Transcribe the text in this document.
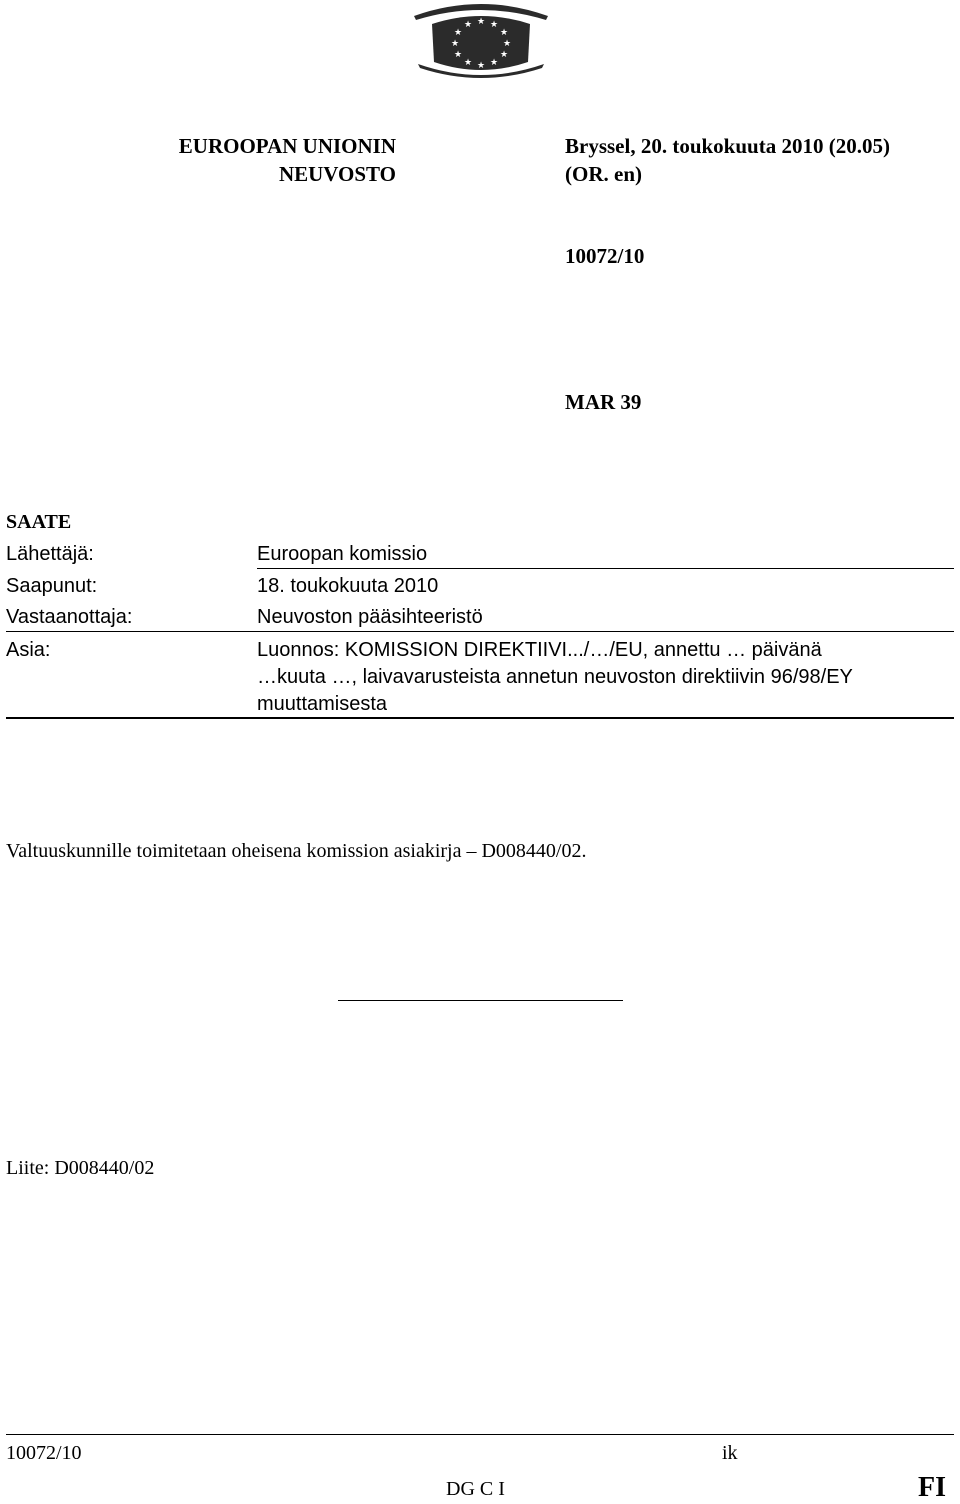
★ ★
★
★
★
★
★
★
★
★
★
★
EUROOPAN UNIONIN
NEUVOSTO
Bryssel, 20. toukokuuta 2010 (20.05)
(OR. en)
10072/10
MAR 39
SAATE
Lähettäjä:	Euroopan komissio
Saapunut:	18. toukokuuta 2010
Vastaanottaja:	Neuvoston pääsihteeristö
Asia:	Luonnos: KOMISSION DIREKTIIVI.../…/EU, annettu … päivänä
…kuuta …, laivavarusteista annetun neuvoston direktiivin 96/98/EY
muuttamisesta
Valtuuskunnille toimitetaan oheisena komission asiakirja – D008440/02.
Liite: D008440/02
10072/10	ik
DG C I	FI
